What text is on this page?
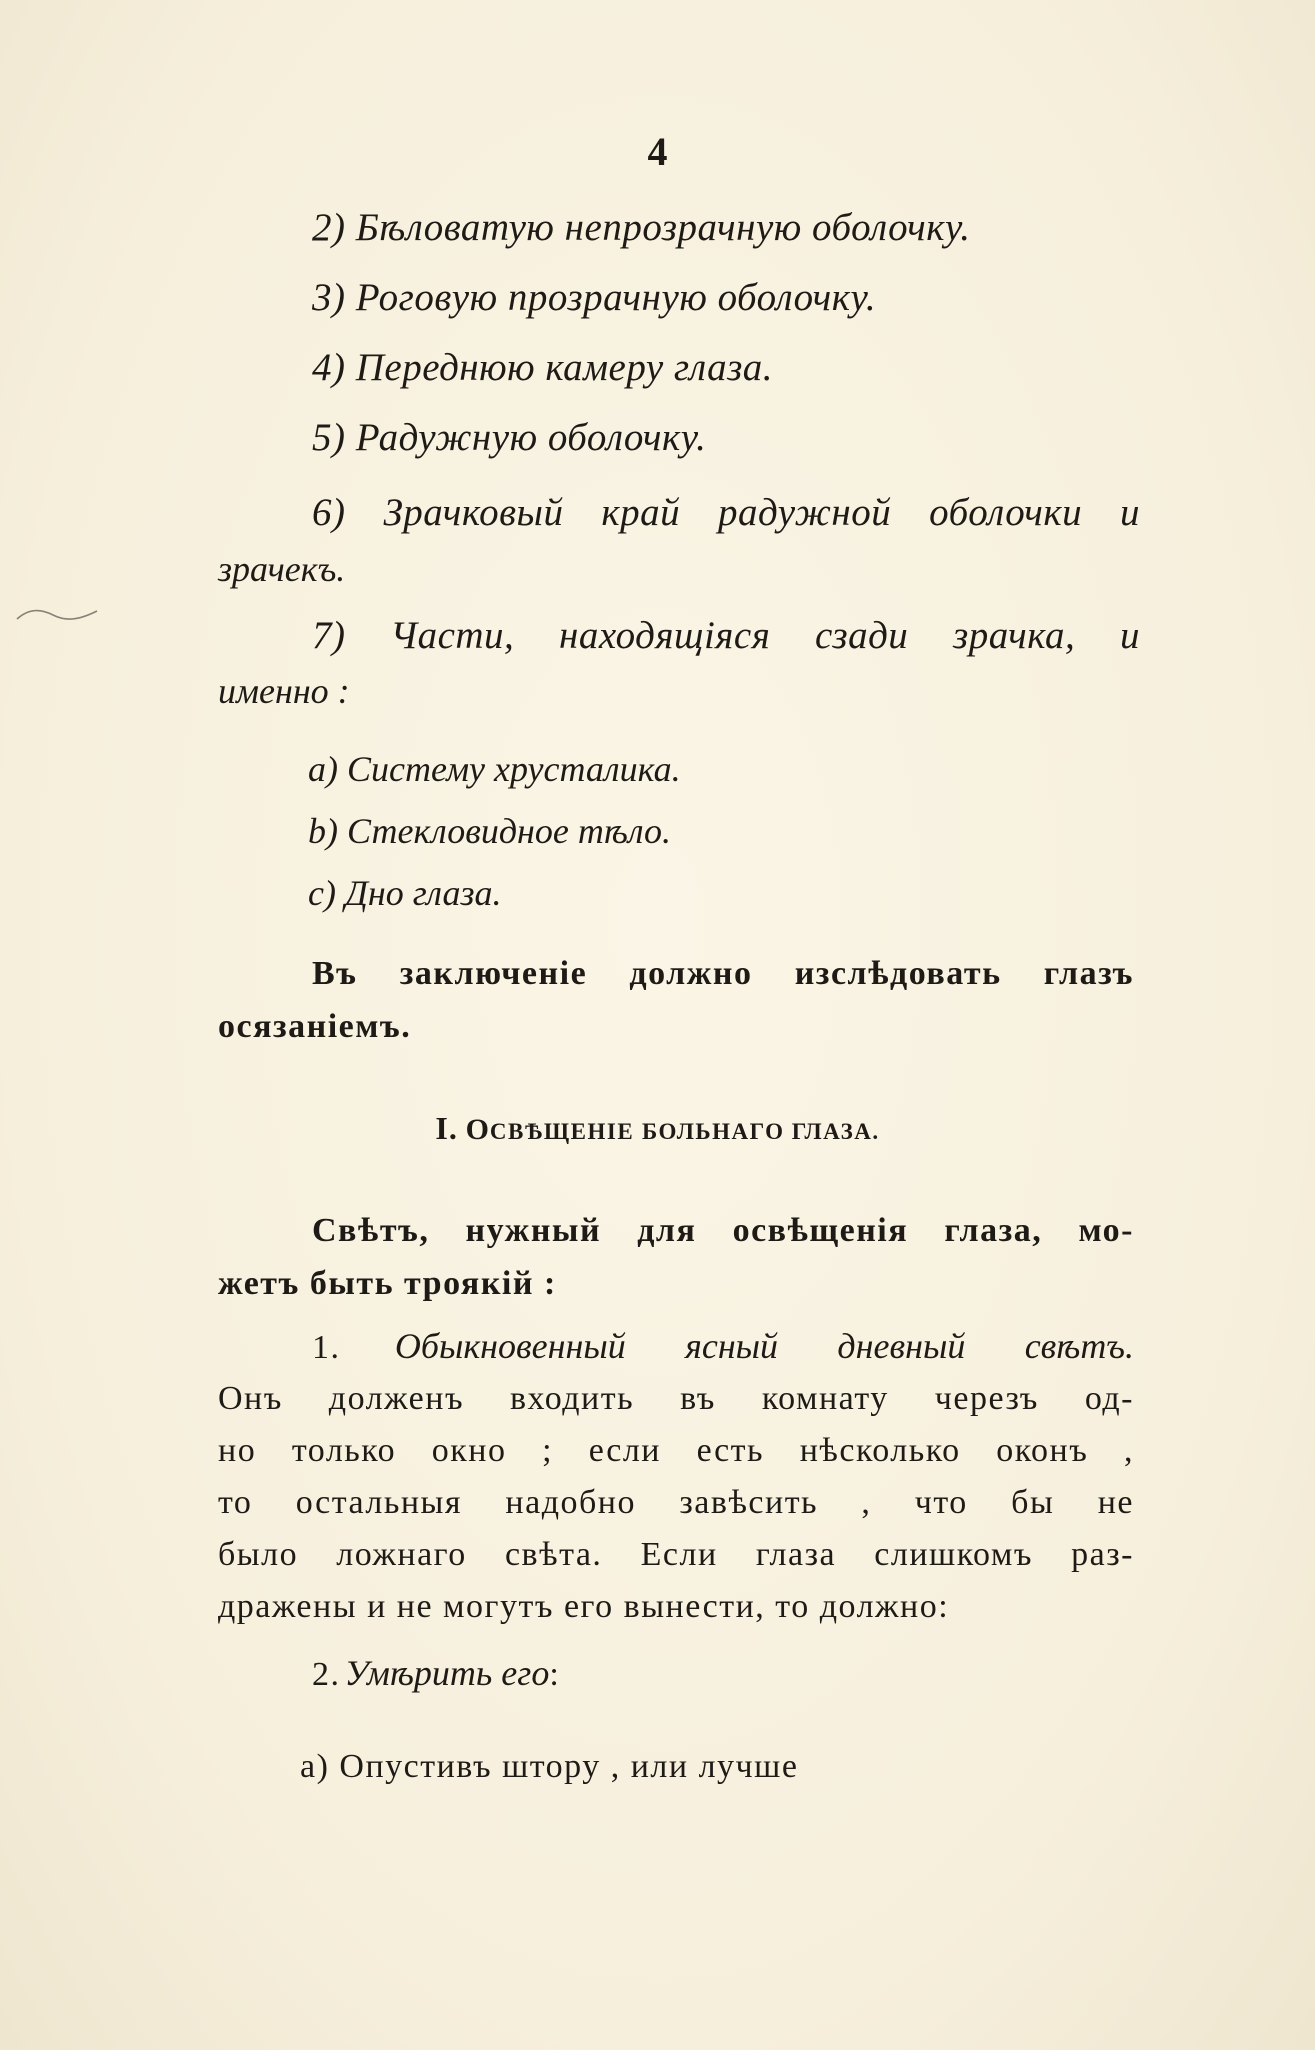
4
2) Бѣловатую непрозрачную оболочку.
3) Роговую прозрачную оболочку.
4) Переднюю камеру глаза.
5) Радужную оболочку.
6) Зрачковый край радужной оболочки и
зрачекъ.
7) Части, находящіяся сзади зрачка, и
именно :
a) Систему хрусталика.
b) Стекловидное тѣло.
c) Дно глаза.
Въ заключеніе должно изслѣдовать глазъ
осязаніемъ.
I. ОСВѢЩЕНІЕ БОЛЬНАГО ГЛАЗА.
Свѣтъ, нужный для освѣщенія глаза, мо-
жетъ быть троякій :
1. Обыкновенный ясный дневный свѣтъ.
Онъ долженъ входить въ комнату черезъ од-
но только окно ; если есть нѣсколько оконъ ,
то остальныя надобно завѣсить , что бы не
было ложнаго свѣта. Если глаза слишкомъ раз-
дражены и не могутъ его вынести, то должно:
2. Умѣрить его:
a) Опустивъ штору , или лучше
